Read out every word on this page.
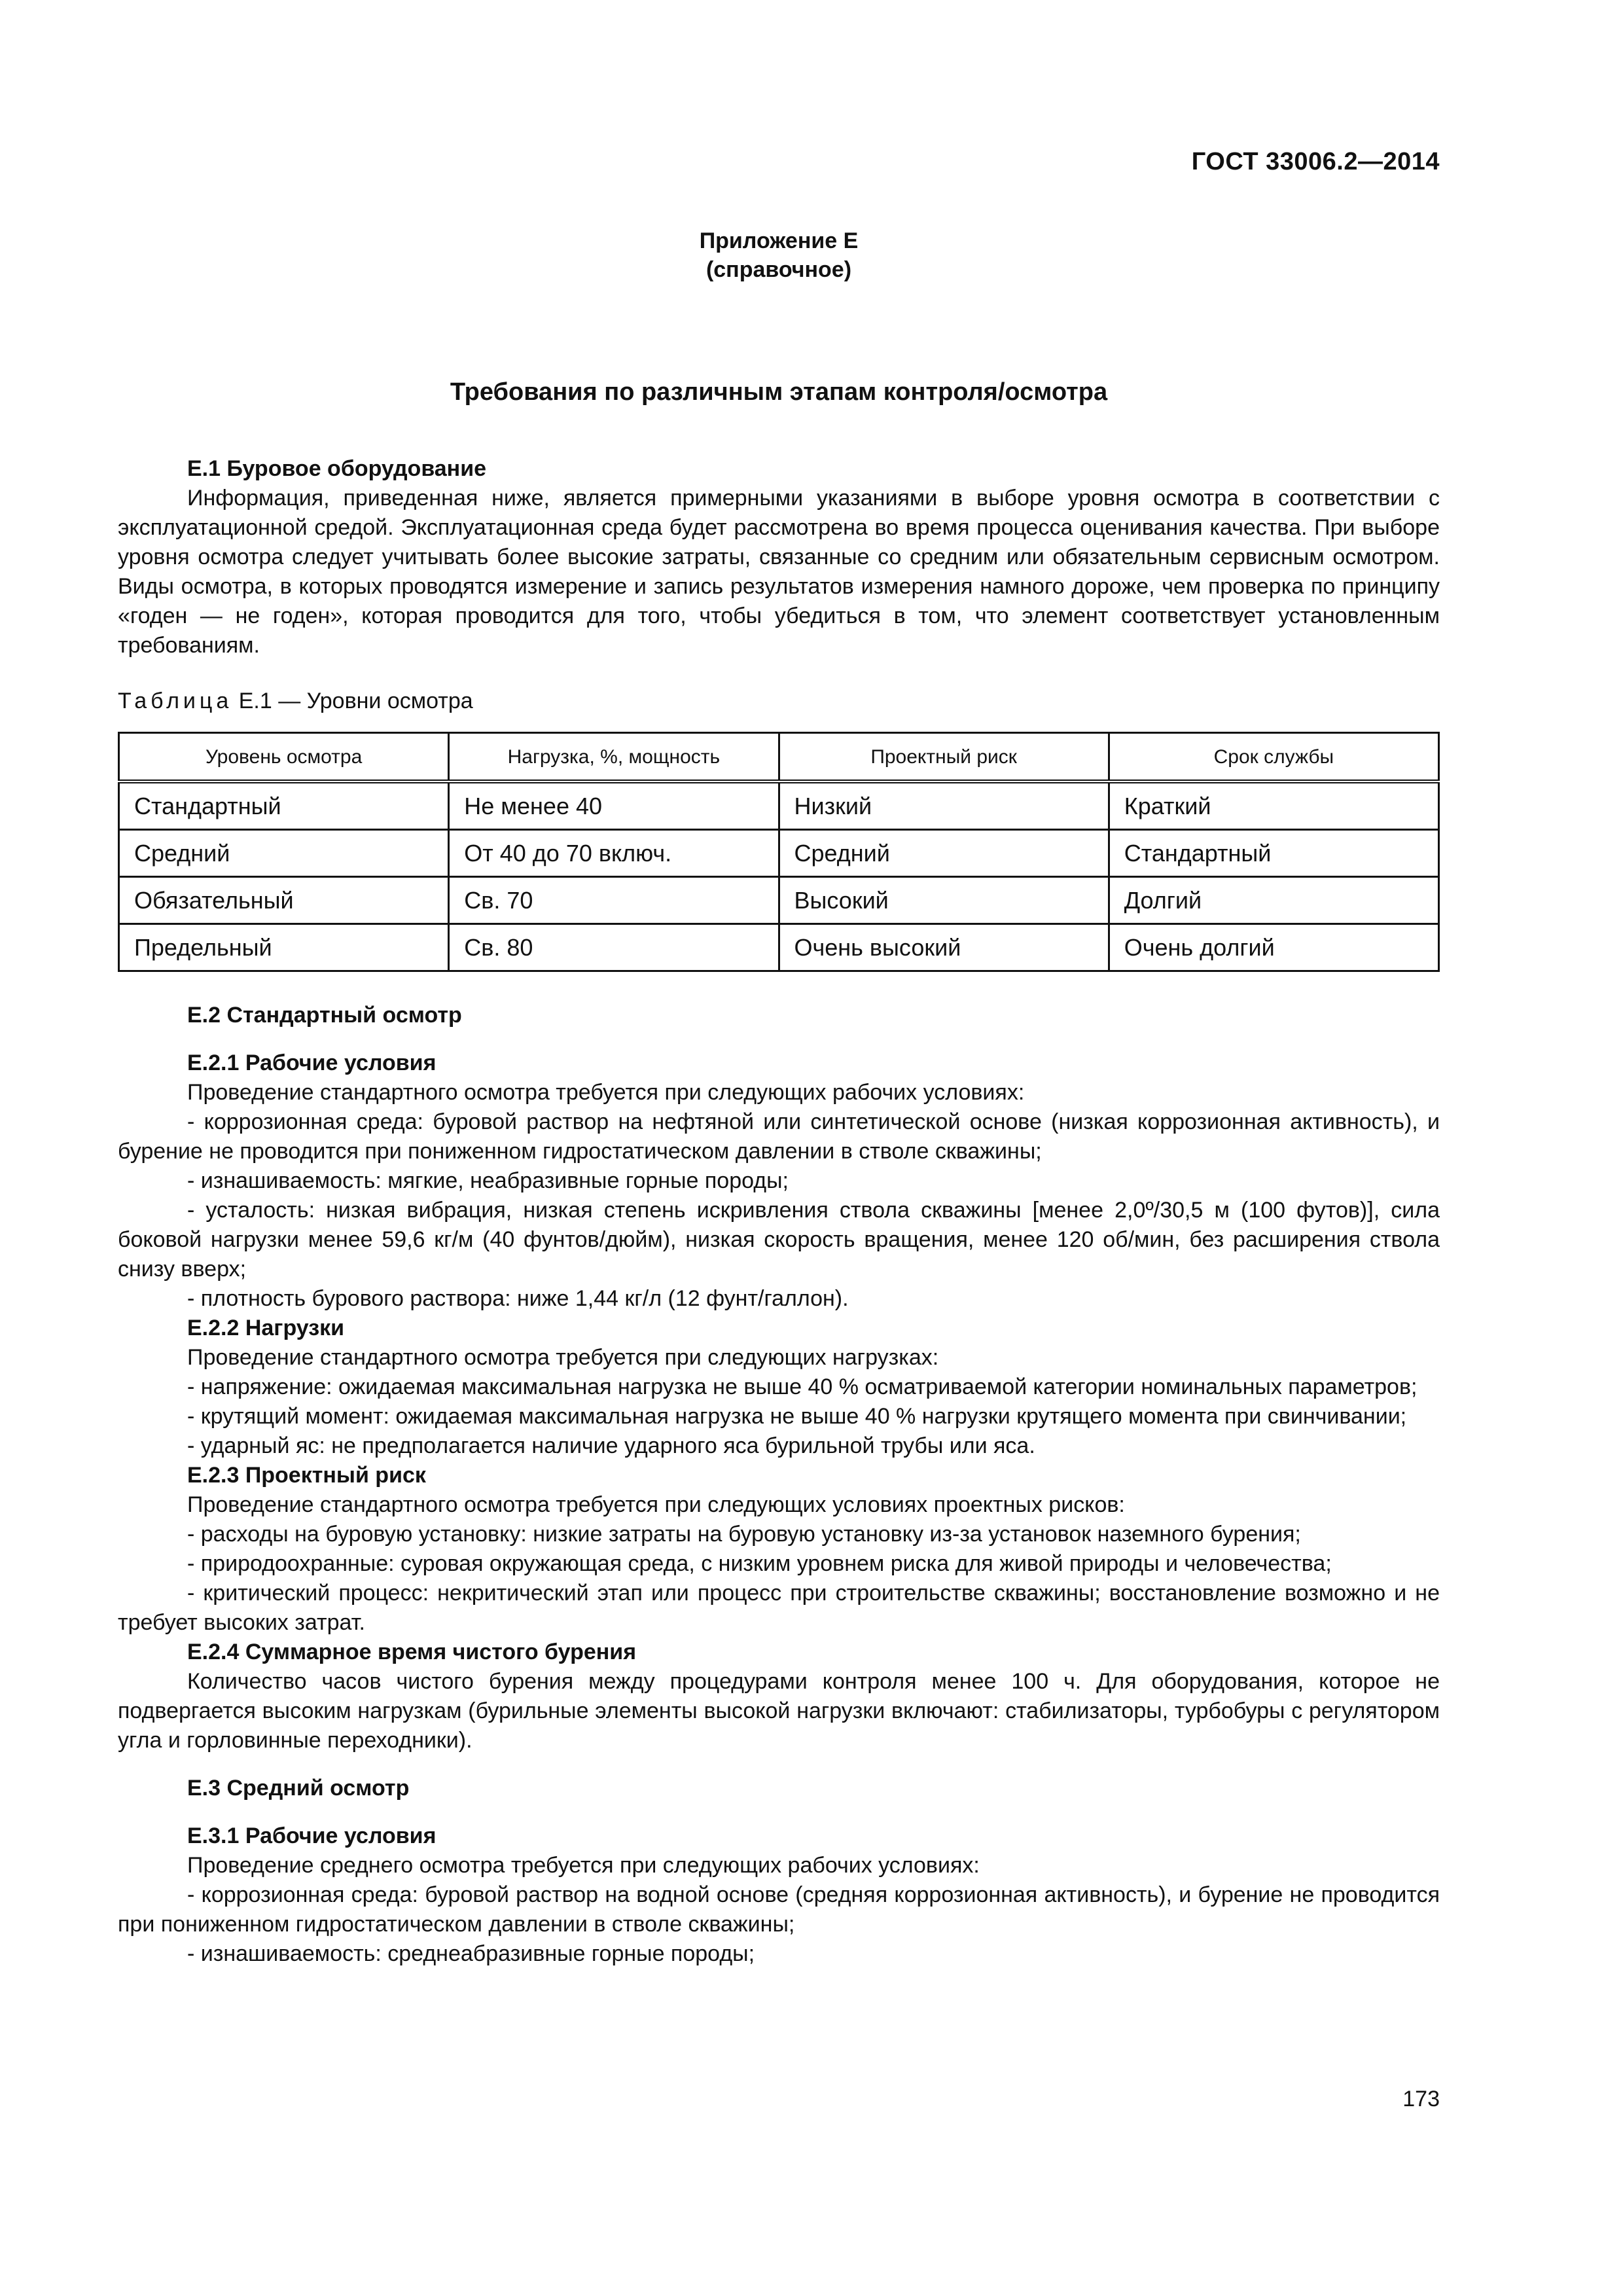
ГОСТ 33006.2—2014
Приложение Е
(справочное)
Требования по различным этапам контроля/осмотра

Е.1 Буровое оборудование

Информация, приведенная ниже, является примерными указаниями в выборе уровня осмотра в соответствии с эксплуатационной средой. Эксплуатационная среда будет рассмотрена во время процесса оценивания качества. При выборе уровня осмотра следует учитывать более высокие затраты, связанные со средним или обязательным сервисным осмотром. Виды осмотра, в которых проводятся измерение и запись результатов измерения намного дороже, чем проверка по принципу «годен — не годен», которая проводится для того, чтобы убедиться в том, что элемент соответствует установленным требованиям.

Таблица Е.1 — Уровни осмотра
Уровень осмотра	Нагрузка, %, мощность	Проектный риск	Срок службы
Стандартный	Не менее 40	Низкий	Краткий
Средний	От 40 до 70 включ.	Средний	Стандартный
Обязательный	Св. 70	Высокий	Долгий
Предельный	Св. 80	Очень высокий	Очень долгий

Е.2 Стандартный осмотр

Е.2.1 Рабочие условия

Проведение стандартного осмотра требуется при следующих рабочих условиях:

- коррозионная среда: буровой раствор на нефтяной или синтетической основе (низкая коррозионная активность), и бурение не проводится при пониженном гидростатическом давлении в стволе скважины;

- изнашиваемость: мягкие, неабразивные горные породы;

- усталость: низкая вибрация, низкая степень искривления ствола скважины [менее 2,0º/30,5 м (100 футов)], сила боковой нагрузки менее 59,6 кг/м (40 фунтов/дюйм), низкая скорость вращения, менее 120 об/мин, без расширения ствола снизу вверх;

- плотность бурового раствора: ниже 1,44 кг/л (12 фунт/галлон).

Е.2.2 Нагрузки

Проведение стандартного осмотра требуется при следующих нагрузках:

- напряжение: ожидаемая максимальная нагрузка не выше 40 % осматриваемой категории номинальных параметров;

- крутящий момент: ожидаемая максимальная нагрузка не выше 40 % нагрузки крутящего момента при свинчивании;

- ударный яс: не предполагается наличие ударного яса бурильной трубы или яса.

Е.2.3 Проектный риск

Проведение стандартного осмотра требуется при следующих условиях проектных рисков:

- расходы на буровую установку: низкие затраты на буровую установку из-за установок наземного бурения;

- природоохранные: суровая окружающая среда, с низким уровнем риска для живой природы и человечества;

- критический процесс: некритический этап или процесс при строительстве скважины; восстановление возможно и не требует высоких затрат.

Е.2.4 Суммарное время чистого бурения

Количество часов чистого бурения между процедурами контроля менее 100 ч. Для оборудования, которое не подвергается высоким нагрузкам (бурильные элементы высокой нагрузки включают: стабилизаторы, турбобуры с регулятором угла и горловинные переходники).

Е.3 Средний осмотр

Е.3.1 Рабочие условия

Проведение среднего осмотра требуется при следующих рабочих условиях:

- коррозионная среда: буровой раствор на водной основе (средняя коррозионная активность), и бурение не проводится при пониженном гидростатическом давлении в стволе скважины;

- изнашиваемость: среднеабразивные горные породы;

173
